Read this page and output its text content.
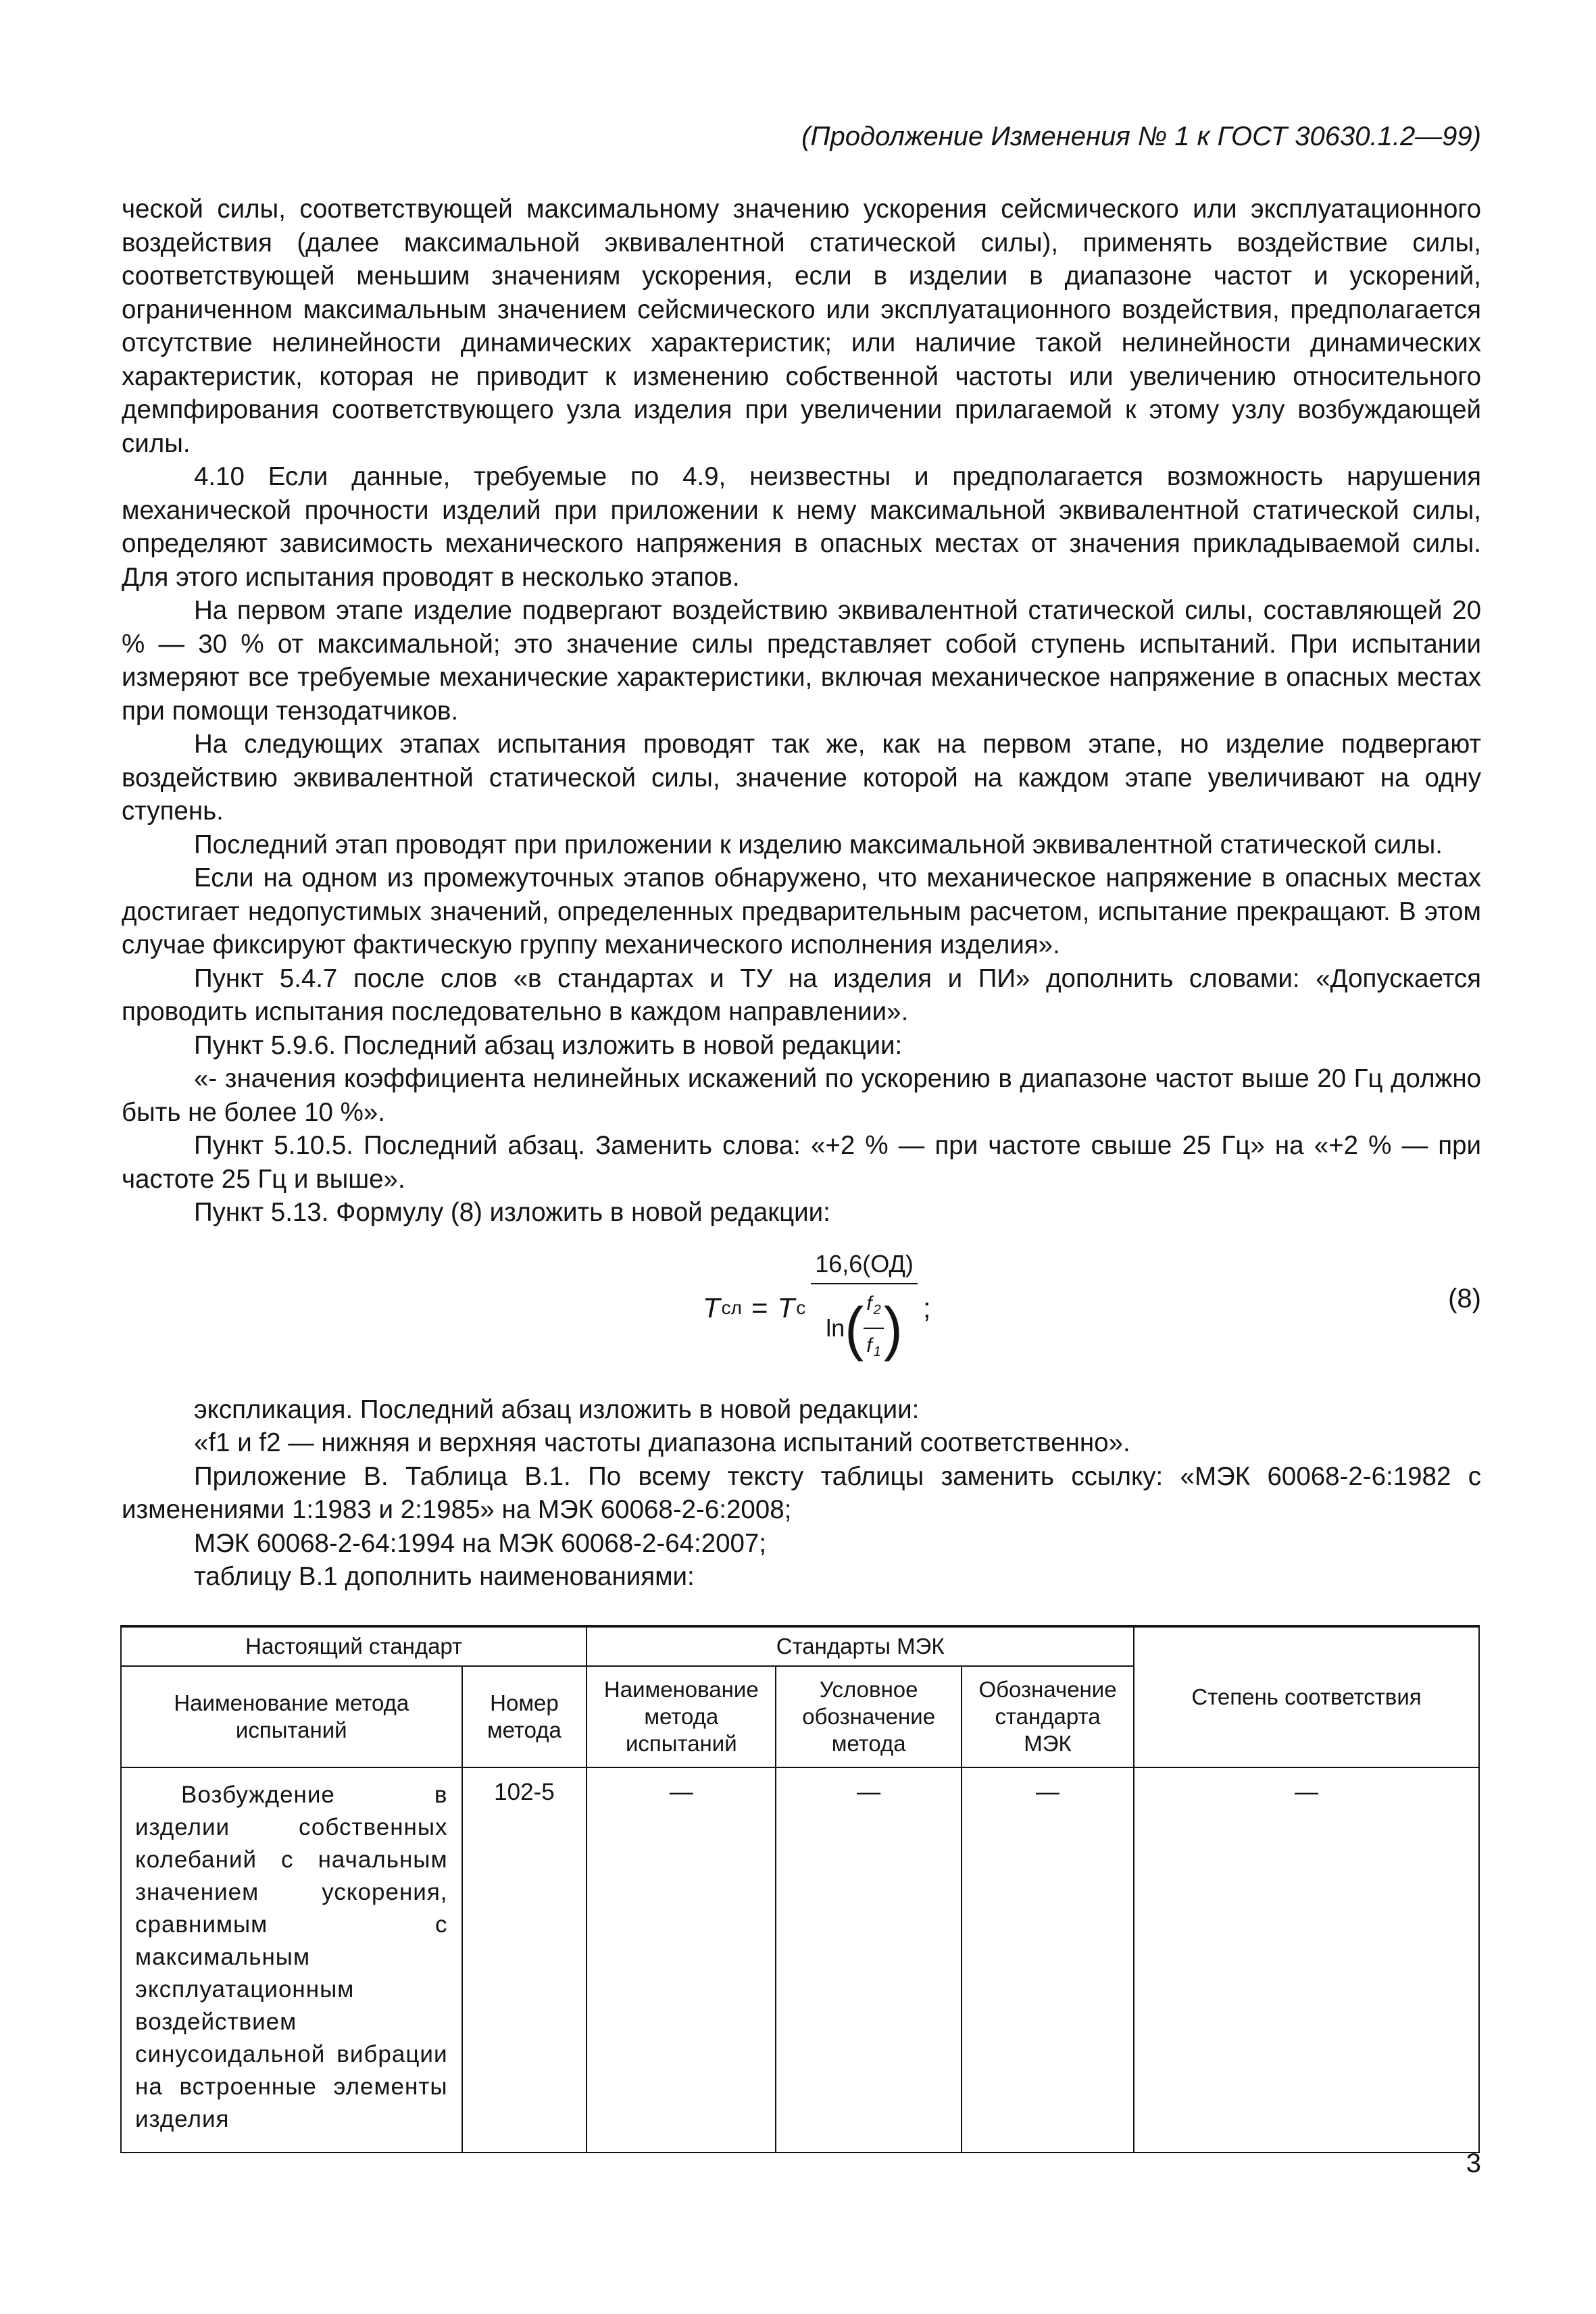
(Продолжение Изменения № 1 к ГОСТ 30630.1.2—99)

ческой силы, соответствующей максимальному значению ускорения сейсмического или эксплуатационного воздействия (далее максимальной эквивалентной статической силы), применять воздействие силы, соответствующей меньшим значениям ускорения, если в изделии в диапазоне частот и ускорений, ограниченном максимальным значением сейсмического или эксплуатационного воздействия, предполагается отсутствие нелинейности динамических характеристик; или наличие такой нелинейности динамических характеристик, которая не приводит к изменению собственной частоты или увеличению относительного демпфирования соответствующего узла изделия при увеличении прилагаемой к этому узлу возбуждающей силы.

4.10 Если данные, требуемые по 4.9, неизвестны и предполагается возможность нарушения механической прочности изделий при приложении к нему максимальной эквивалентной статической силы, определяют зависимость механического напряжения в опасных местах от значения прикладываемой силы. Для этого испытания проводят в несколько этапов.

На первом этапе изделие подвергают воздействию эквивалентной статической силы, составляющей 20 % — 30 % от максимальной; это значение силы представляет собой ступень испытаний. При испытании измеряют все требуемые механические характеристики, включая механическое напряжение в опасных местах при помощи тензодатчиков.

На следующих этапах испытания проводят так же, как на первом этапе, но изделие подвергают воздействию эквивалентной статической силы, значение которой на каждом этапе увеличивают на одну ступень.

Последний этап проводят при приложении к изделию максимальной эквивалентной статической силы.

Если на одном из промежуточных этапов обнаружено, что механическое напряжение в опасных местах достигает недопустимых значений, определенных предварительным расчетом, испытание прекращают. В этом случае фиксируют фактическую группу механического исполнения изделия».

Пункт 5.4.7 после слов «в стандартах и ТУ на изделия и ПИ» дополнить словами: «Допускается проводить испытания последовательно в каждом направлении».

Пункт 5.9.6. Последний абзац изложить в новой редакции:

«- значения коэффициента нелинейных искажений по ускорению в диапазоне частот выше 20 Гц должно быть не более 10 %».

Пункт 5.10.5. Последний абзац. Заменить слова: «+2 % — при частоте свыше 25 Гц» на «+2 % — при частоте 25 Гц и выше».

Пункт 5.13. Формулу (8) изложить в новой редакции:

T сл = T с
16,6(ОД)
ln ( $\frac{f _2}{f _1}$ ) ;	(8)

экспликация. Последний абзац изложить в новой редакции:

«f1 и f2 — нижняя и верхняя частоты диапазона испытаний соответственно».

Приложение В. Таблица В.1. По всему тексту таблицы заменить ссылку: «МЭК 60068-2-6:1982 с изменениями 1:1983 и 2:1985» на МЭК 60068-2-6:2008;

МЭК 60068-2-64:1994 на МЭК 60068-2-64:2007;

таблицу В.1 дополнить наименованиями:

Настоящий стандарт		Стандарты МЭК			Степень соответствия
Наименование метода испытаний	Номер метода	Наименование метода испытаний	Условное обозначение метода	Обозначение стандарта МЭК	
Возбуждение в изделии собственных колебаний с начальным значением ускорения, сравнимым с максимальным эксплуатационным воздействием синусоидальной вибрации на встроенные элементы изделия	102-5	—	—	—	—
3
